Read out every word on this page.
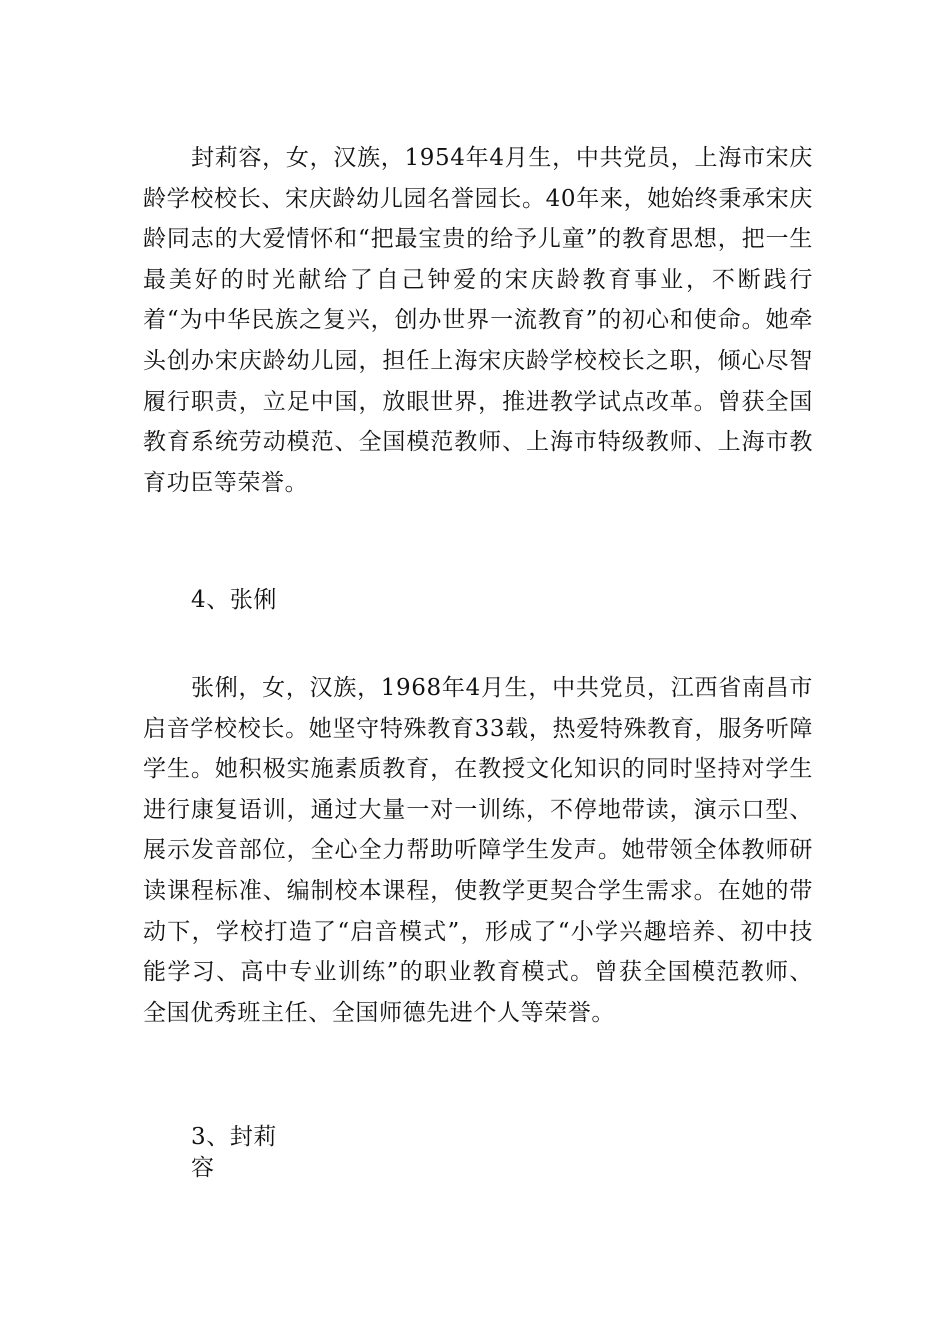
封莉容，女，汉族，1954年4月生，中共党员，上海市宋庆龄学校校长、宋庆龄幼儿园名誉园长。40年来，她始终秉承宋庆龄同志的大爱情怀和“把最宝贵的给予儿童”的教育思想，把一生最美好的时光献给了自己钟爱的宋庆龄教育事业，不断践行着“为中华民族之复兴，创办世界一流教育”的初心和使命。她牵头创办宋庆龄幼儿园，担任上海宋庆龄学校校长之职，倾心尽智履行职责，立足中国，放眼世界，推进教学试点改革。曾获全国教育系统劳动模范、全国模范教师、上海市特级教师、上海市教育功臣等荣誉。

4、张俐

张俐，女，汉族，1968年4月生，中共党员，江西省南昌市启音学校校长。她坚守特殊教育33载，热爱特殊教育，服务听障学生。她积极实施素质教育，在教授文化知识的同时坚持对学生进行康复语训，通过大量一对一训练，不停地带读，演示口型、展示发音部位，全心全力帮助听障学生发声。她带领全体教师研读课程标准、编制校本课程，使教学更契合学生需求。在她的带动下，学校打造了“启音模式”，形成了“小学兴趣培养、初中技能学习、高中专业训练”的职业教育模式。曾获全国模范教师、全国优秀班主任、全国师德先进个人等荣誉。

3、封莉容
